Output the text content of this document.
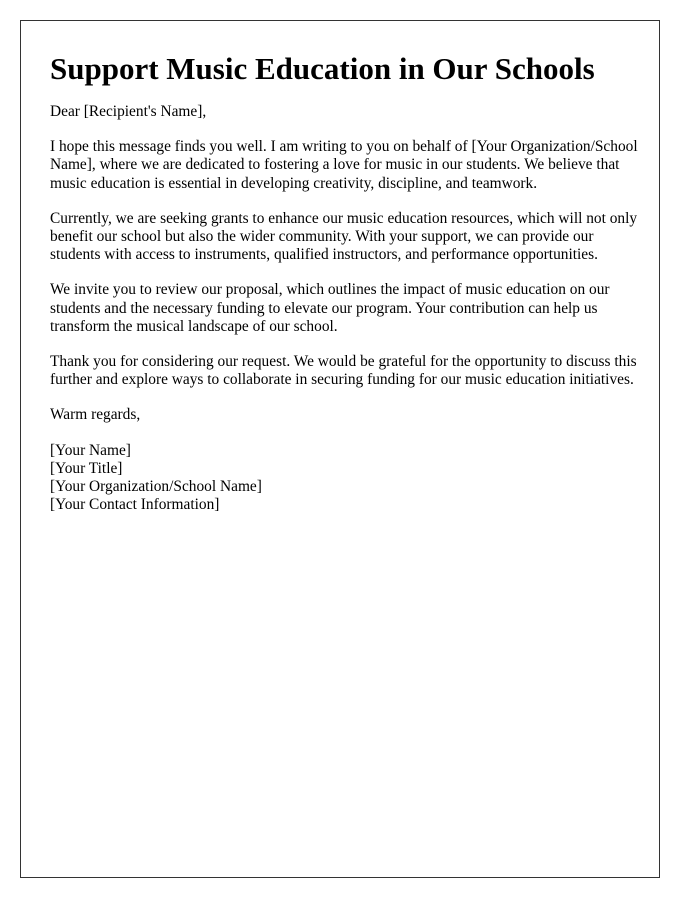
Support Music Education in Our Schools

Dear [Recipient's Name],

I hope this message finds you well. I am writing to you on behalf of [Your Organization/School Name], where we are dedicated to fostering a love for music in our students. We believe that music education is essential in developing creativity, discipline, and teamwork.

Currently, we are seeking grants to enhance our music education resources, which will not only benefit our school but also the wider community. With your support, we can provide our students with access to instruments, qualified instructors, and performance opportunities.

We invite you to review our proposal, which outlines the impact of music education on our students and the necessary funding to elevate our program. Your contribution can help us transform the musical landscape of our school.

Thank you for considering our request. We would be grateful for the opportunity to discuss this further and explore ways to collaborate in securing funding for our music education initiatives.

Warm regards,

[Your Name]
[Your Title]
[Your Organization/School Name]
[Your Contact Information]
